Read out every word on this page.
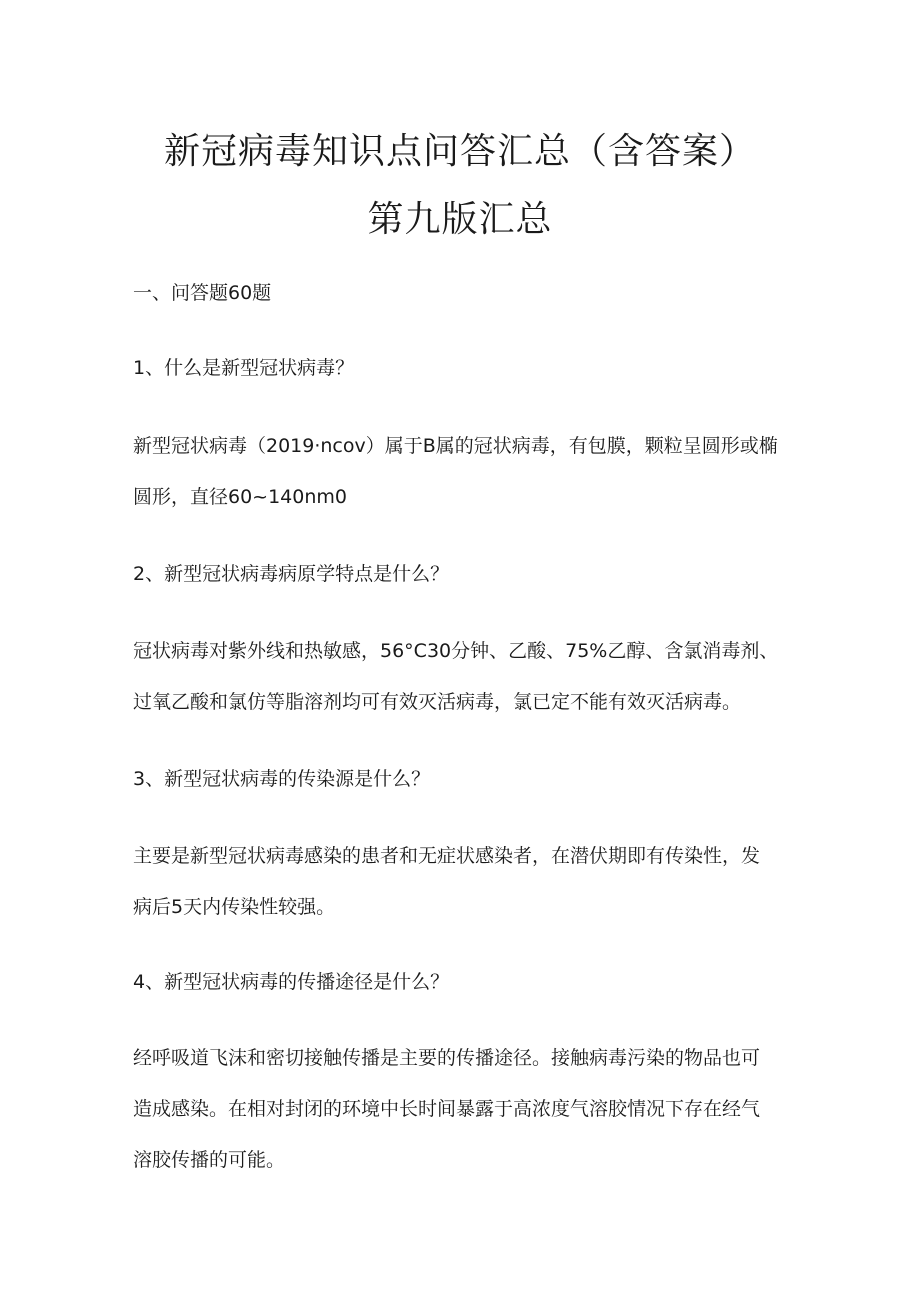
新冠病毒知识点问答汇总（含答案）
第九版汇总

一、问答题60题

1、什么是新型冠状病毒？

新型冠状病毒（2019·ncov）属于B属的冠状病毒，有包膜，颗粒呈圆形或椭

圆形，直径60~140nm0

2、新型冠状病毒病原学特点是什么？

冠状病毒对紫外线和热敏感，56°C30分钟、乙酸、75%乙醇、含氯消毒剂、

过氧乙酸和氯仿等脂溶剂均可有效灭活病毒，氯已定不能有效灭活病毒。

3、新型冠状病毒的传染源是什么？

主要是新型冠状病毒感染的患者和无症状感染者，在潜伏期即有传染性，发

病后5天内传染性较强。

4、新型冠状病毒的传播途径是什么？

经呼吸道飞沫和密切接触传播是主要的传播途径。接触病毒污染的物品也可

造成感染。在相对封闭的环境中长时间暴露于高浓度气溶胶情况下存在经气

溶胶传播的可能。
